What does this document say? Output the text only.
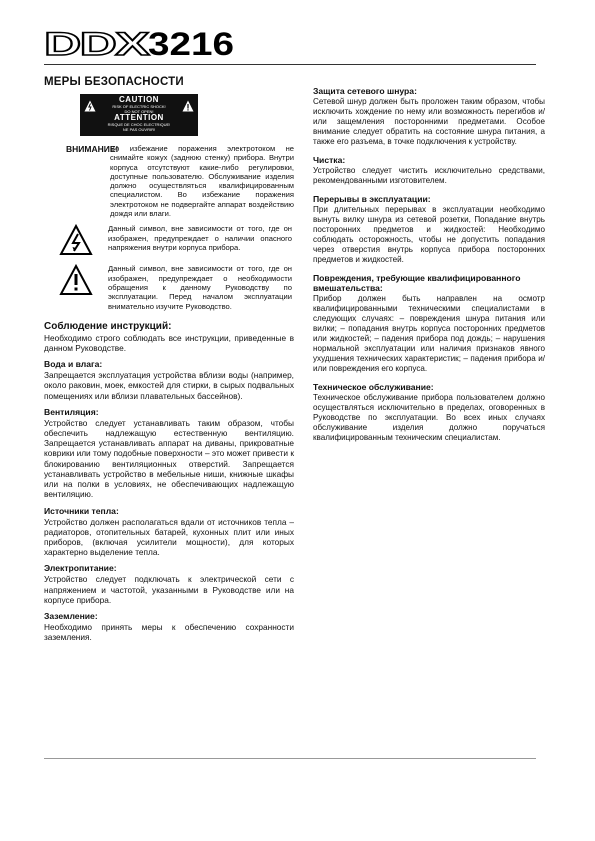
DDX
3216
МЕРЫ БЕЗОПАСНОСТИ
CAUTION
RISK OF ELECTRIC SHOCK!
DO NOT OPEN!
ATTENTION
RISQUE DE CHOC ELECTRIQUE!
NE PAS OUVRIR!
ВНИМАНИЕ!
Во избежание поражения электротоком не снимайте кожух (заднюю стенку) прибора. Внутри корпуса отсутствуют какие-либо регулировки, доступные пользователю. Обслуживание изделия должно осуществляться квалифицированным специалистом. Во избежание поражения электротоком не подвергайте аппарат воздействию дождя или влаги.
Данный символ, вне зависимости от того, где он изображен, предупреждает о наличии опасного напряжения внутри корпуса прибора.
Данный символ, вне зависимости от того, где он изображен, предупреждает о необходимости обращения к данному Руководству по эксплуатации. Перед началом эксплуатации внимательно изучите Руководство.
Соблюдение инструкций:

Необходимо строго соблюдать все инструкции, приведенные в данном Руководстве.

Вода и влага:

Запрещается эксплуатация устройства вблизи воды (например, около раковин, моек, емкостей для стирки, в сырых подвальных помещениях или вблизи плавательных бассейнов).

Вентиляция:

Устройство следует устанавливать таким образом, чтобы обеспечить надлежащую естественную вентиляцию. Запрещается устанавливать аппарат на диваны, прикроватные коврики или тому подобные поверхности – это может привести к блокированию вентиляционных отверстий. Запрещается устанавливать устройство в мебельные ниши, книжные шкафы или на полки в условиях, не обеспечивающих надлежащую вентиляцию.

Источники тепла:

Устройство должен располагаться вдали от источников тепла – радиаторов, отопительных батарей, кухонных плит или иных приборов, (включая усилители мощности), для которых характерно выделение тепла.

Электропитание:

Устройство следует подключать к электрической сети с напряжением и частотой, указанными в Руководстве или на корпусе прибора.

Заземление:

Необходимо принять меры к обеспечению сохранности заземления.

Защита сетевого шнура:

Сетевой шнур должен быть проложен таким образом, чтобы исключить хождение по нему или возможность перегибов и/или защемления посторонними предметами. Особое внимание следует обратить на состояние шнура питания, а также его разъема, в точке подключения к устройству.

Чистка:

Устройство следует чистить исключительно средствами, рекомендованными изготовителем.

Перерывы в эксплуатации:

При длительных перерывах в эксплуатации необходимо вынуть вилку шнура из сетевой розетки, Попадание внутрь посторонних предметов и жидкостей: Необходимо соблюдать осторожность, чтобы не допустить попадания через отверстия внутрь корпуса прибора посторонних предметов и жидкостей.

Повреждения, требующие квалифицированного вмешательства:

Прибор должен быть направлен на осмотр квалифицированными техническими специалистами в следующих случаях: – повреждения шнура питания или вилки; – попадания внутрь корпуса посторонних предметов или жидкостей; – падения прибора под дождь; – нарушения нормальной эксплуатации или наличия признаков явного ухудшения технических характеристик; – падения прибора и/или повреждения его корпуса.

Техническое обслуживание:

Техническое обслуживание прибора пользователем должно осуществляться исключительно в пределах, оговоренных в Руководстве по эксплуатации. Во всех иных случаях обслуживание изделия должно поручаться квалифицированным техническим специалистам.
